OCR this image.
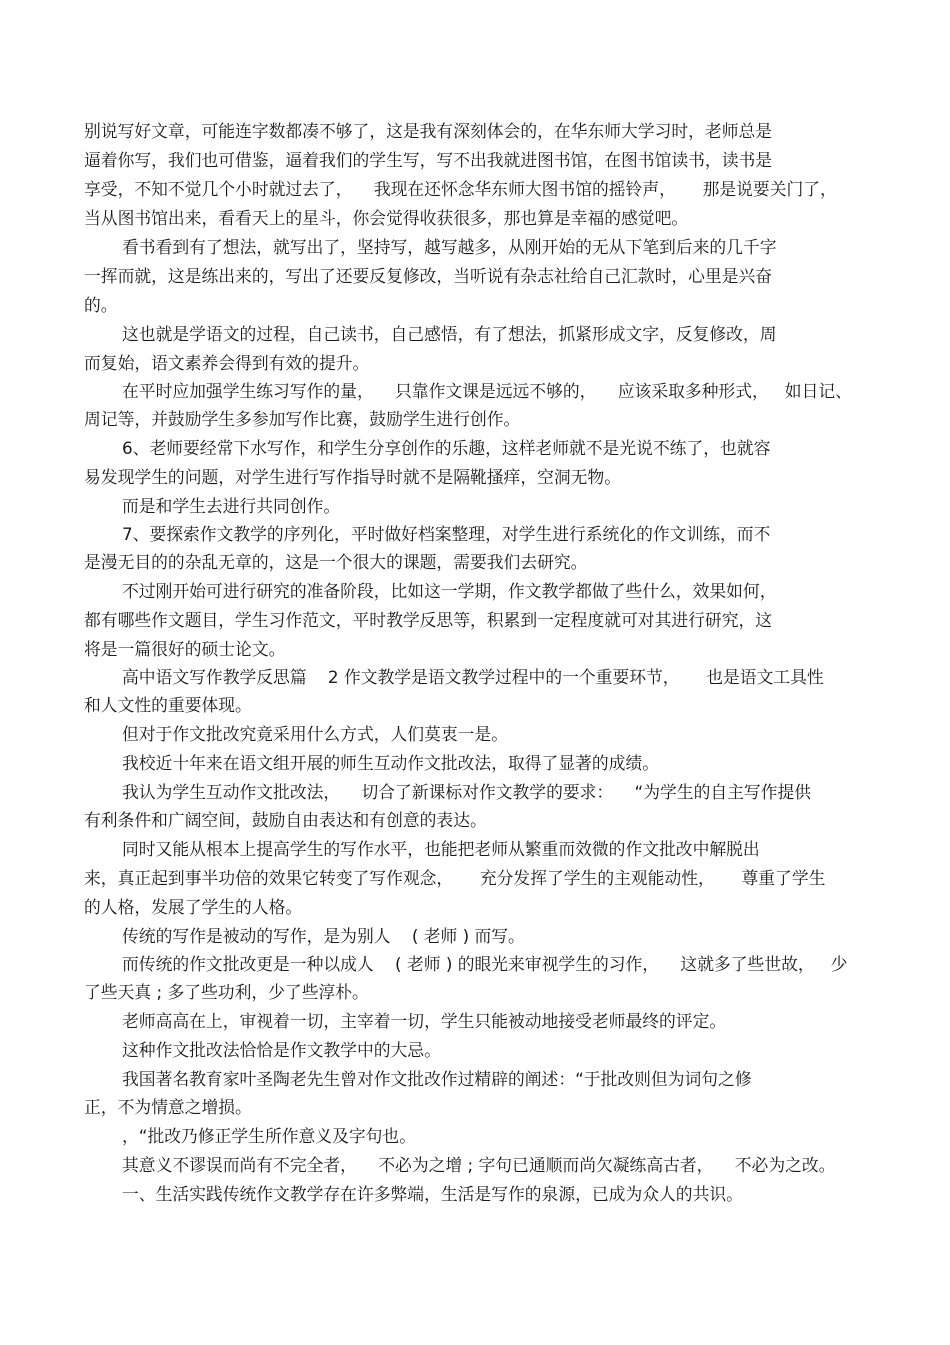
别说写好文章，可能连字数都凑不够了，这是我有深刻体会的，在华东师大学习时，老师总是
逼着你写，我们也可借鉴，逼着我们的学生写，写不出我就进图书馆，在图书馆读书，读书是
享受，不知不觉几个小时就过去了，    我现在还怀念华东师大图书馆的摇铃声，     那是说要关门了，
当从图书馆出来，看看天上的星斗，你会觉得收获很多，那也算是幸福的感觉吧。
看书看到有了想法，就写出了，坚持写，越写越多，从刚开始的无从下笔到后来的几千字
一挥而就，这是练出来的，写出了还要反复修改，当听说有杂志社给自己汇款时，心里是兴奋
的。
这也就是学语文的过程，自己读书，自己感悟，有了想法，抓紧形成文字，反复修改，周
而复始，语文素养会得到有效的提升。
在平时应加强学生练习写作的量，    只靠作文课是远远不够的，    应该采取多种形式，   如日记、
周记等，并鼓励学生多参加写作比赛，鼓励学生进行创作。
6、老师要经常下水写作，和学生分享创作的乐趣，这样老师就不是光说不练了，也就容
易发现学生的问题，对学生进行写作指导时就不是隔靴搔痒，空洞无物。
而是和学生去进行共同创作。
7、要探索作文教学的序列化，平时做好档案整理，对学生进行系统化的作文训练，而不
是漫无目的的杂乱无章的，这是一个很大的课题，需要我们去研究。
不过刚开始可进行研究的准备阶段，比如这一学期，作文教学都做了些什么，效果如何，
都有哪些作文题目，学生习作范文，平时教学反思等，积累到一定程度就可对其进行研究，这
将是一篇很好的硕士论文。
高中语文写作教学反思篇    2 作文教学是语文教学过程中的一个重要环节，     也是语文工具性
和人文性的重要体现。
但对于作文批改究竟采用什么方式，人们莫衷一是。
我校近十年来在语文组开展的师生互动作文批改法，取得了显著的成绩。
我认为学生互动作文批改法，    切合了新课标对作文教学的要求：    “为学生的自主写作提供
有利条件和广阔空间，鼓励自由表达和有创意的表达。
同时又能从根本上提高学生的写作水平，也能把老师从繁重而效微的作文批改中解脱出
来，真正起到事半功倍的效果它转变了写作观念，     充分发挥了学生的主观能动性，     尊重了学生
的人格，发展了学生的人格。
传统的写作是被动的写作，是为别人    ( 老师 ) 而写。
而传统的作文批改更是一种以成人    ( 老师 ) 的眼光来审视学生的习作，    这就多了些世故，   少
了些天真 ; 多了些功利，少了些淳朴。
老师高高在上，审视着一切，主宰着一切，学生只能被动地接受老师最终的评定。
这种作文批改法恰恰是作文教学中的大忌。
我国著名教育家叶圣陶老先生曾对作文批改作过精辟的阐述：“于批改则但为词句之修
正，不为情意之增损。
，“批改乃修正学生所作意义及字句也。
其意义不谬误而尚有不完全者，    不必为之增 ; 字句已通顺而尚欠凝练高古者，    不必为之改。
一、生活实践传统作文教学存在许多弊端，生活是写作的泉源，已成为众人的共识。
